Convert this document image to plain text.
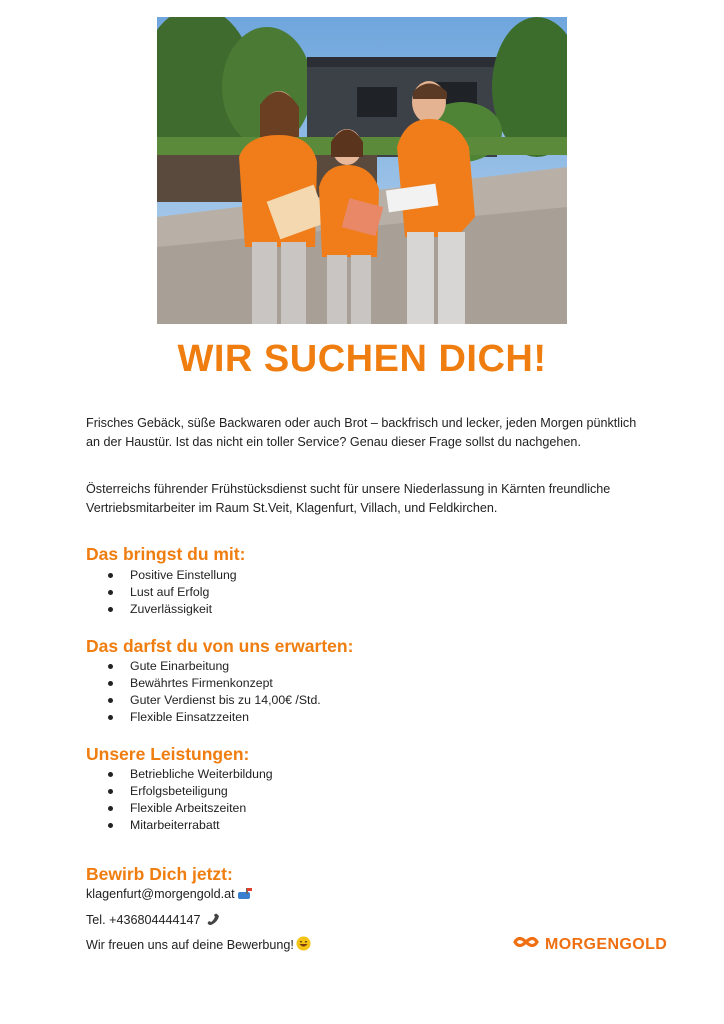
WIR SUCHEN DICH!
Frisches Gebäck, süße Backwaren oder auch Brot – backfrisch und lecker, jeden Morgen pünktlich an der Haustür. Ist das nicht ein toller Service? Genau dieser Frage sollst du nachgehen.
Österreichs führender Frühstücksdienst sucht für unsere Niederlassung in Kärnten freundliche Vertriebsmitarbeiter im Raum St.Veit, Klagenfurt, Villach, und Feldkirchen.
Das bringst du mit:
Positive Einstellung
Lust auf Erfolg
Zuverlässigkeit
Das darfst du von uns erwarten:
Gute Einarbeitung
Bewährtes Firmenkonzept
Guter Verdienst bis zu 14,00€ /Std.
Flexible Einsatzzeiten
Unsere Leistungen:
Betriebliche Weiterbildung
Erfolgsbeteiligung
Flexible Arbeitszeiten
Mitarbeiterrabatt
Bewirb Dich jetzt:
klagenfurt@morgengold.at
Tel. +436804444147
Wir freuen uns auf deine Bewerbung!	MORGENGOLD
